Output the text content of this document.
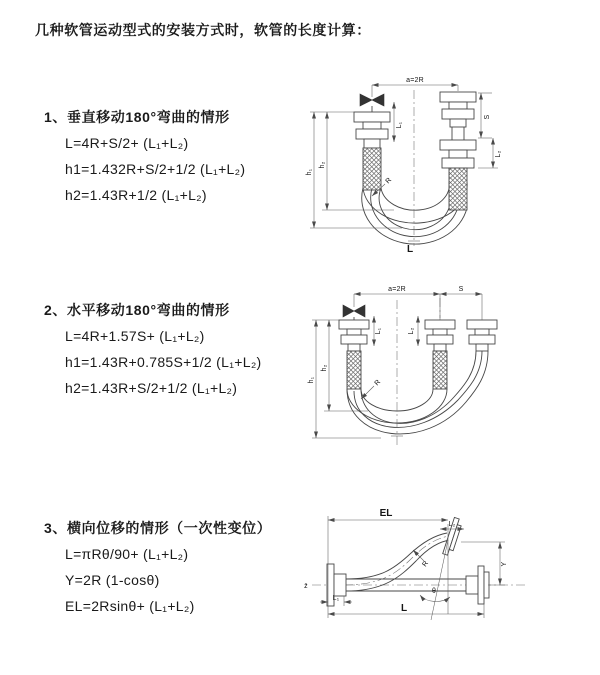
几种软管运动型式的安装方式时，软管的长度计算：
1、垂直移动180°弯曲的情形
L=4R+S/2+ (L₁+L₂)
h1=1.432R+S/2+1/2 (L₁+L₂)
h2=1.43R+1/2 (L₁+L₂)
2、水平移动180°弯曲的情形
L=4R+1.57S+ (L₁+L₂)
h1=1.43R+0.785S+1/2 (L₁+L₂)
h2=1.43R+S/2+1/2 (L₁+L₂)
3、横向位移的情形（一次性变位）
L=πRθ/90+ (L₁+L₂)
Y=2R (1-cosθ)
EL=2Rsinθ+ (L₁+L₂)
a=2R
L₁
S
L₂
h₁
h₂
R
L
a=2R	S
L₁	L₂
h₁
h₂
R
z̄
θ
EL
L₂
Y
L
L₁
R
